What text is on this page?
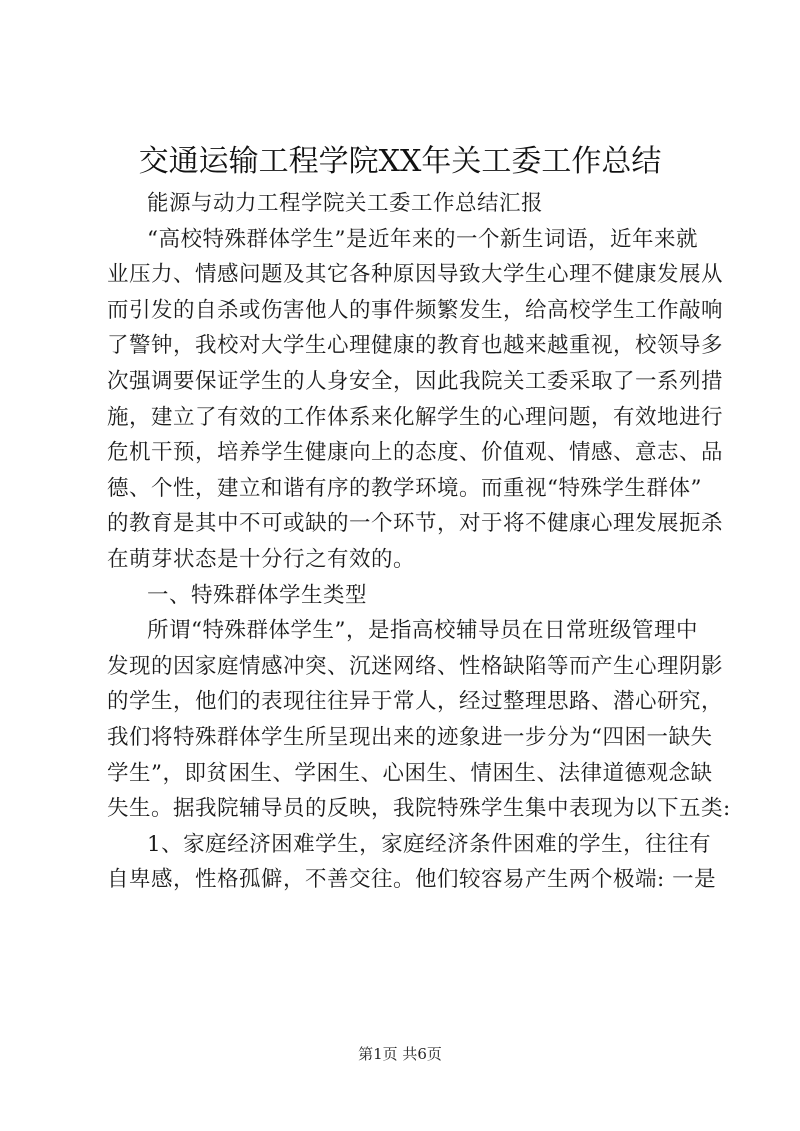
交通运输工程学院XX年关工委工作总结
能源与动力工程学院关工委工作总结汇报
“高校特殊群体学生”是近年来的一个新生词语，近年来就
业压力、情感问题及其它各种原因导致大学生心理不健康发展从
而引发的自杀或伤害他人的事件频繁发生，给高校学生工作敲响
了警钟，我校对大学生心理健康的教育也越来越重视，校领导多
次强调要保证学生的人身安全，因此我院关工委采取了一系列措
施，建立了有效的工作体系来化解学生的心理问题，有效地进行
危机干预，培养学生健康向上的态度、价值观、情感、意志、品
德、个性，建立和谐有序的教学环境。而重视“特殊学生群体”
的教育是其中不可或缺的一个环节，对于将不健康心理发展扼杀
在萌芽状态是十分行之有效的。
一、特殊群体学生类型
所谓“特殊群体学生”，是指高校辅导员在日常班级管理中
发现的因家庭情感冲突、沉迷网络、性格缺陷等而产生心理阴影
的学生，他们的表现往往异于常人，经过整理思路、潜心研究，
我们将特殊群体学生所呈现出来的迹象进一步分为“四困一缺失
学生”，即贫困生、学困生、心困生、情困生、法律道德观念缺
失生。据我院辅导员的反映，我院特殊学生集中表现为以下五类:
1、家庭经济困难学生，家庭经济条件困难的学生，往往有
自卑感，性格孤僻，不善交往。他们较容易产生两个极端: 一是
第1页 共6页
